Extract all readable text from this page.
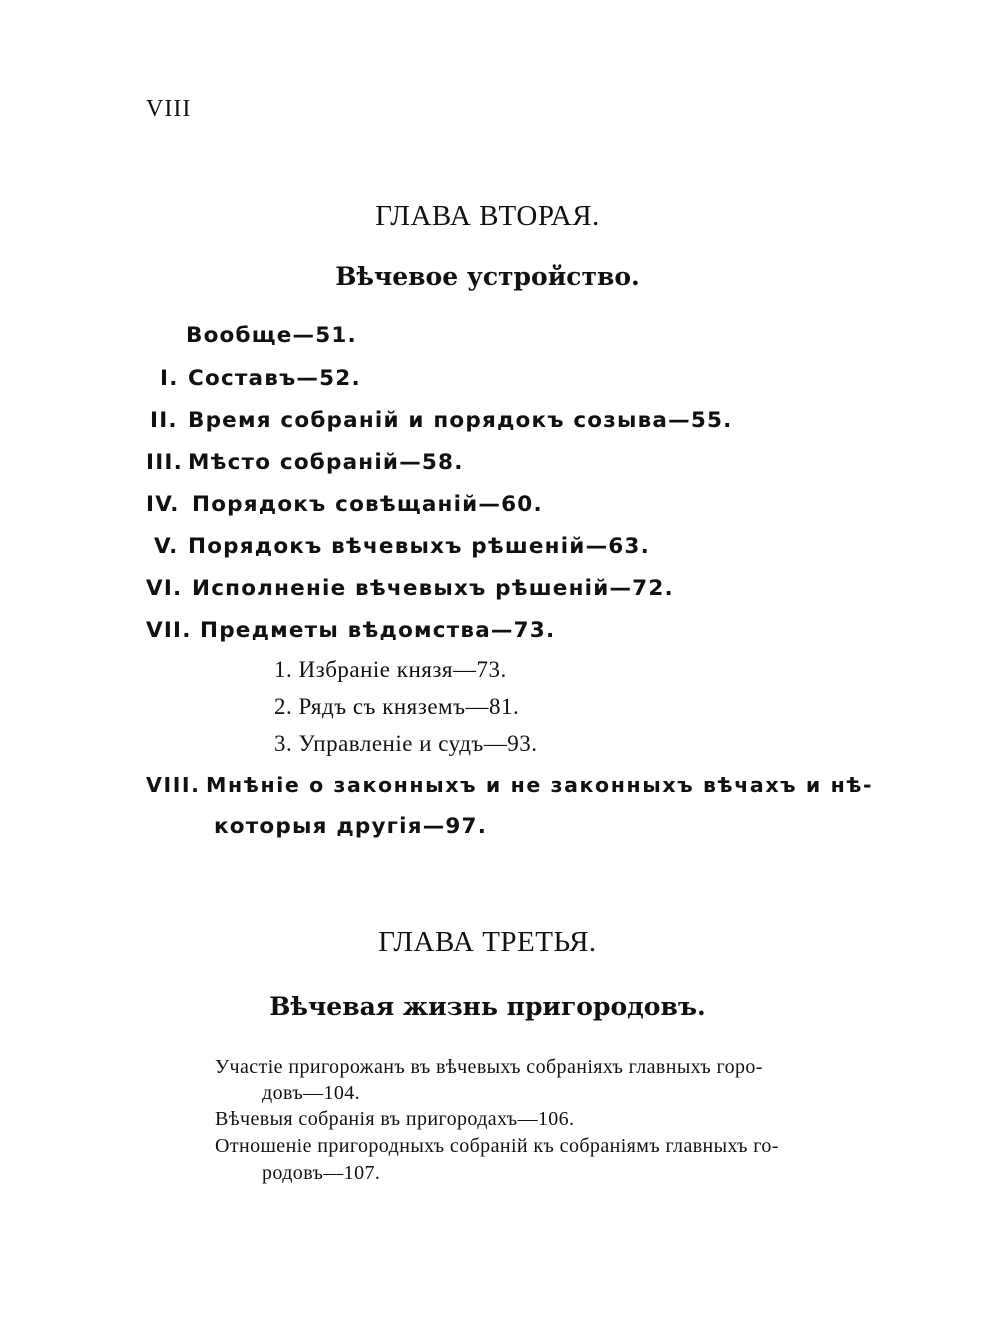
VIII
ГЛАВА ВТОРАЯ.
Вѣчевое устройство.
Вообще—51.
I. Составъ—52.
II. Время собраній и порядокъ созыва—55.
III. Мѣсто собраній—58.
IV. Порядокъ совѣщаній—60.
V. Порядокъ вѣчевыхъ рѣшеній—63.
VI. Исполненіе вѣчевыхъ рѣшеній—72.
VII. Предметы вѣдомства—73.
1. Избраніе князя—73.
2. Рядъ съ княземъ—81.
3. Управленіе и судъ—93.
VIII. Мнѣніе о законныхъ и не законныхъ вѣчахъ и нѣ-
которыя другія—97.
ГЛАВА ТРЕТЬЯ.
Вѣчевая жизнь пригородовъ.
Участіе пригорожанъ въ вѣчевыхъ собраніяхъ главныхъ горо-
довъ—104.
Вѣчевыя собранія въ пригородахъ—106.
Отношеніе пригородныхъ собраній къ собраніямъ главныхъ го-
родовъ—107.
